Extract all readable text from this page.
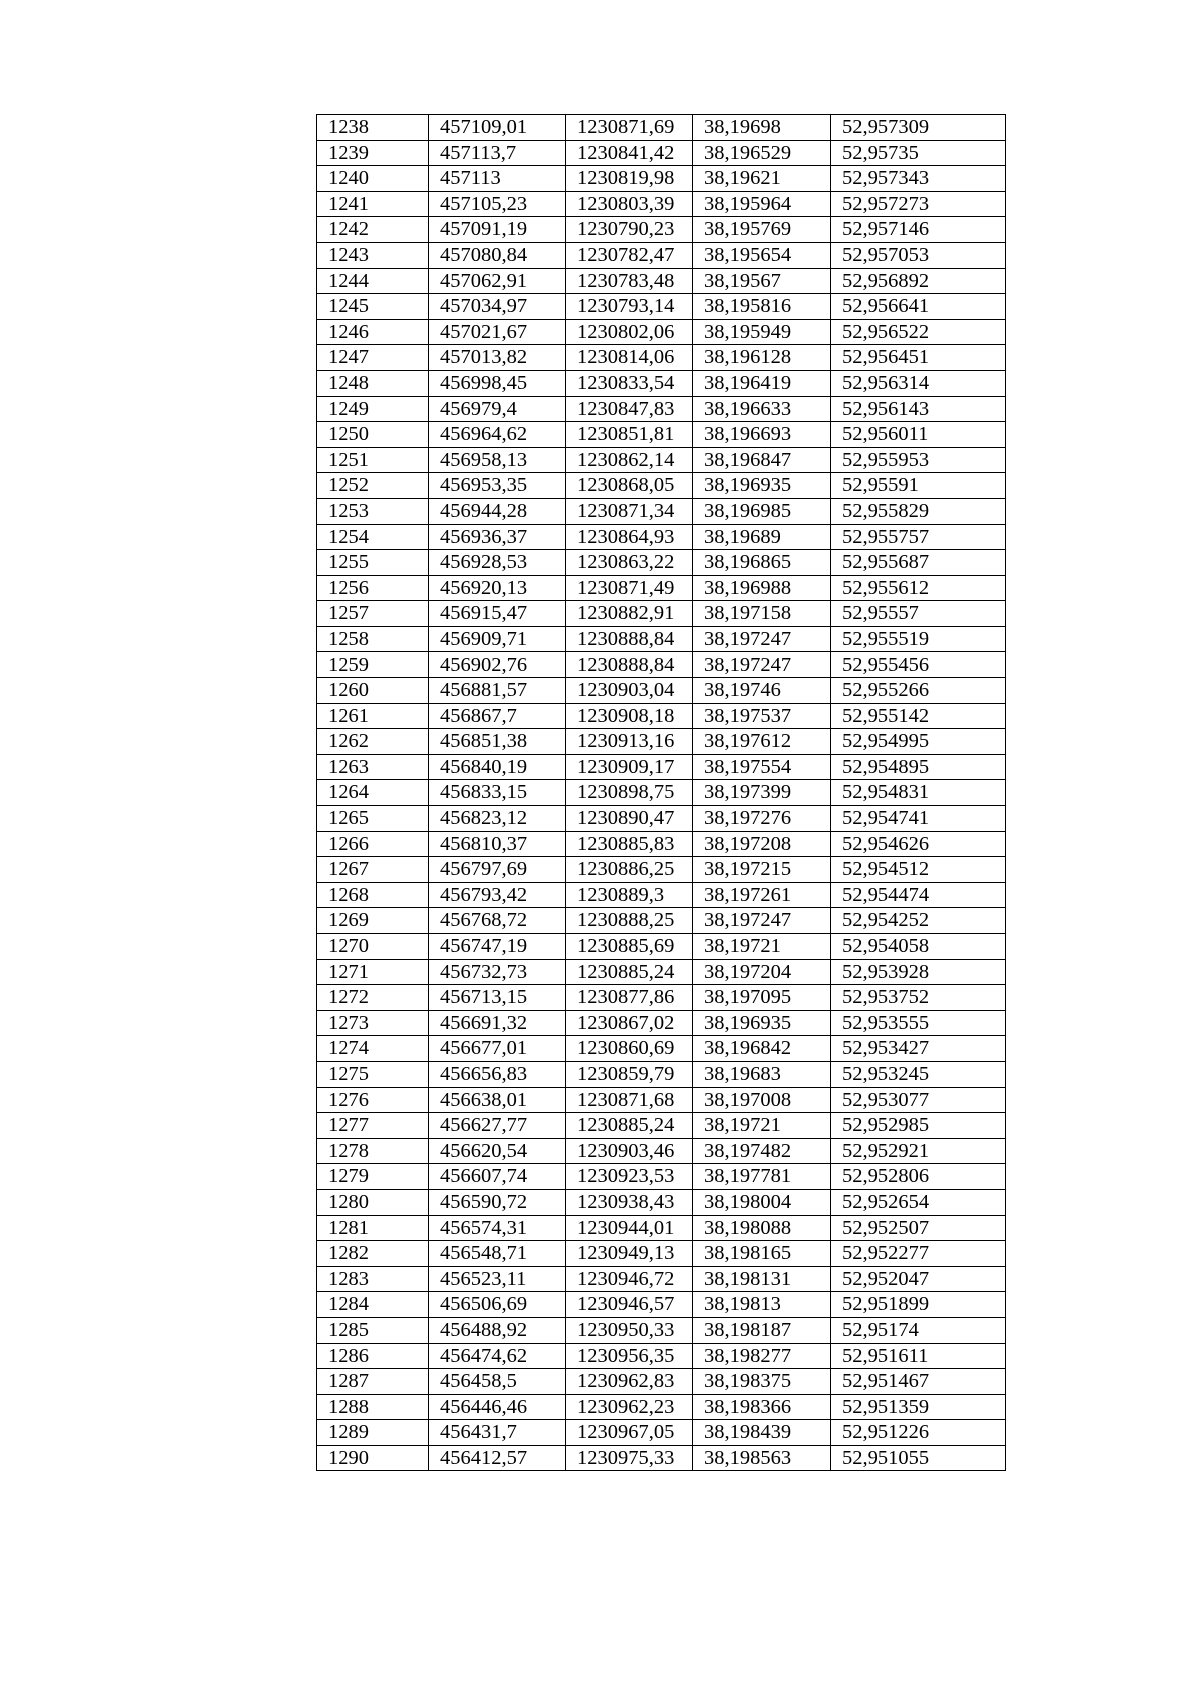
1238	457109,01	1230871,69	38,19698	52,957309
1239	457113,7	1230841,42	38,196529	52,95735
1240	457113	1230819,98	38,19621	52,957343
1241	457105,23	1230803,39	38,195964	52,957273
1242	457091,19	1230790,23	38,195769	52,957146
1243	457080,84	1230782,47	38,195654	52,957053
1244	457062,91	1230783,48	38,19567	52,956892
1245	457034,97	1230793,14	38,195816	52,956641
1246	457021,67	1230802,06	38,195949	52,956522
1247	457013,82	1230814,06	38,196128	52,956451
1248	456998,45	1230833,54	38,196419	52,956314
1249	456979,4	1230847,83	38,196633	52,956143
1250	456964,62	1230851,81	38,196693	52,956011
1251	456958,13	1230862,14	38,196847	52,955953
1252	456953,35	1230868,05	38,196935	52,95591
1253	456944,28	1230871,34	38,196985	52,955829
1254	456936,37	1230864,93	38,19689	52,955757
1255	456928,53	1230863,22	38,196865	52,955687
1256	456920,13	1230871,49	38,196988	52,955612
1257	456915,47	1230882,91	38,197158	52,95557
1258	456909,71	1230888,84	38,197247	52,955519
1259	456902,76	1230888,84	38,197247	52,955456
1260	456881,57	1230903,04	38,19746	52,955266
1261	456867,7	1230908,18	38,197537	52,955142
1262	456851,38	1230913,16	38,197612	52,954995
1263	456840,19	1230909,17	38,197554	52,954895
1264	456833,15	1230898,75	38,197399	52,954831
1265	456823,12	1230890,47	38,197276	52,954741
1266	456810,37	1230885,83	38,197208	52,954626
1267	456797,69	1230886,25	38,197215	52,954512
1268	456793,42	1230889,3	38,197261	52,954474
1269	456768,72	1230888,25	38,197247	52,954252
1270	456747,19	1230885,69	38,19721	52,954058
1271	456732,73	1230885,24	38,197204	52,953928
1272	456713,15	1230877,86	38,197095	52,953752
1273	456691,32	1230867,02	38,196935	52,953555
1274	456677,01	1230860,69	38,196842	52,953427
1275	456656,83	1230859,79	38,19683	52,953245
1276	456638,01	1230871,68	38,197008	52,953077
1277	456627,77	1230885,24	38,19721	52,952985
1278	456620,54	1230903,46	38,197482	52,952921
1279	456607,74	1230923,53	38,197781	52,952806
1280	456590,72	1230938,43	38,198004	52,952654
1281	456574,31	1230944,01	38,198088	52,952507
1282	456548,71	1230949,13	38,198165	52,952277
1283	456523,11	1230946,72	38,198131	52,952047
1284	456506,69	1230946,57	38,19813	52,951899
1285	456488,92	1230950,33	38,198187	52,95174
1286	456474,62	1230956,35	38,198277	52,951611
1287	456458,5	1230962,83	38,198375	52,951467
1288	456446,46	1230962,23	38,198366	52,951359
1289	456431,7	1230967,05	38,198439	52,951226
1290	456412,57	1230975,33	38,198563	52,951055
